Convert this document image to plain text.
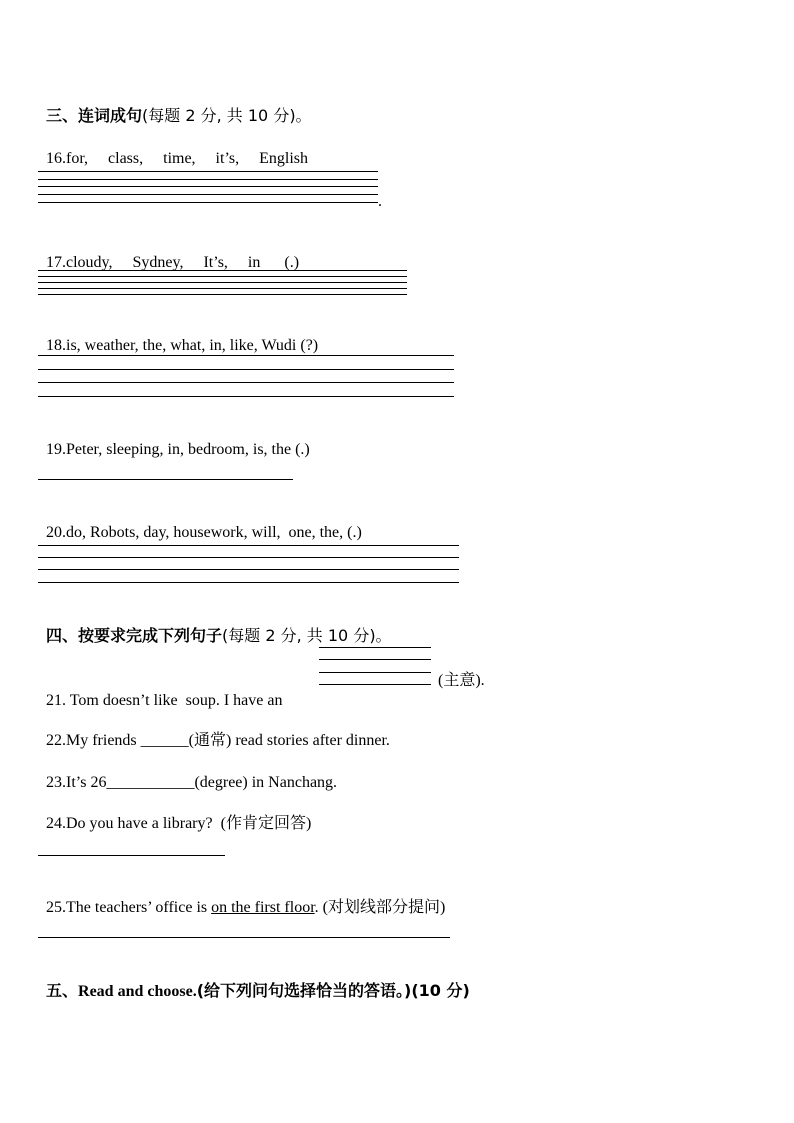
三、连词成句(每题 2 分, 共 10 分)。

16.for,     class,     time,     it’s,     English

.

17.cloudy,     Sydney,     It’s,     in      (.)

18.is, weather, the, what, in, like, Wudi (?)

19.Peter, sleeping, in, bedroom, is, the (.)

20.do, Robots, day, housework, will,  one, the, (.)

四、按要求完成下列句子(每题 2 分, 共 10 分)。

21. Tom doesn’t like  soup. I have an

(主意).

22.My friends ______(通常) read stories after dinner.

23.It’s 26___________(degree) in Nanchang.

24.Do you have a library?  (作肯定回答)

25.The teachers’ office is on the first floor. (对划线部分提问)

五、Read and choose.(给下列问句选择恰当的答语。)(10 分)
